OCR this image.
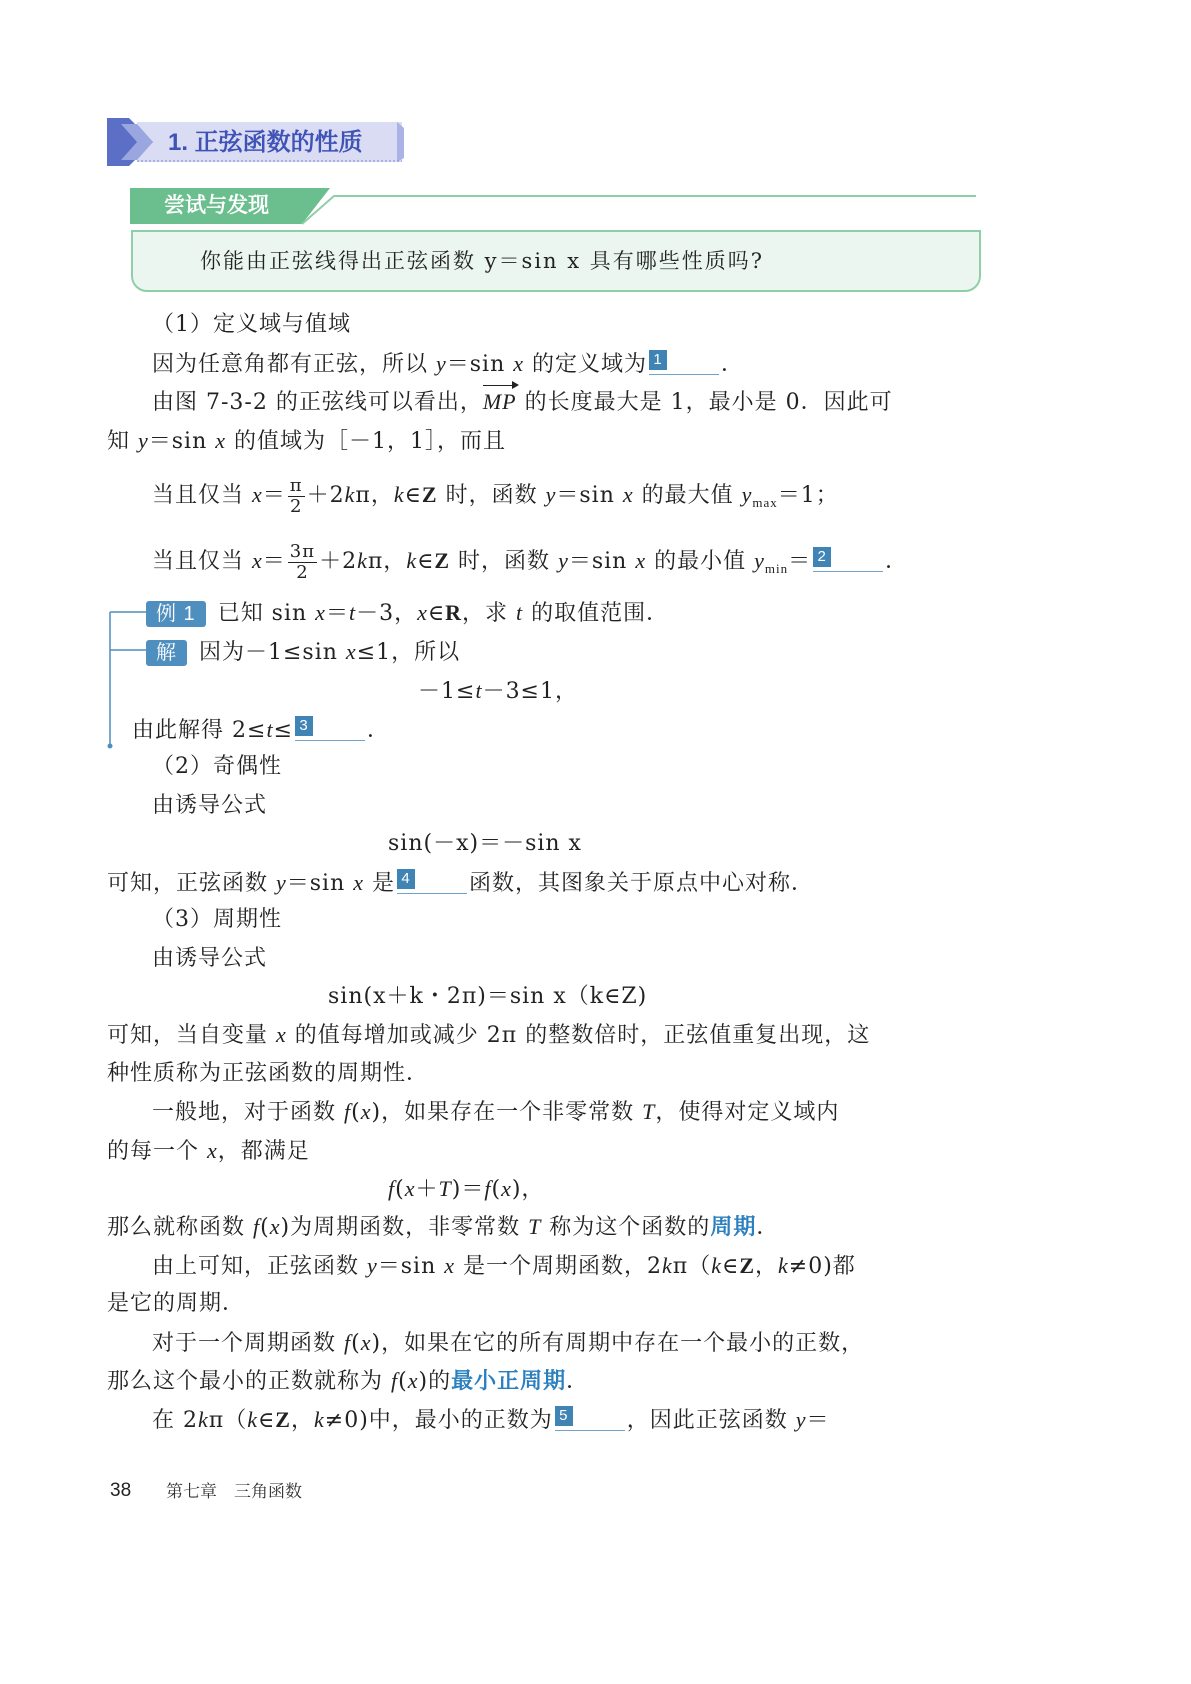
1. 正弦函数的性质
尝试与发现
你能由正弦线得出正弦函数 y＝sin x 具有哪些性质吗?
（1）定义域与值域
因为任意角都有正弦，所以 y＝sin x 的定义域为 1	．
由图 7-3-2 的正弦线可以看出，MP 的长度最大是 1，最小是 0．因此可
知 y＝sin x 的值域为［－1，1］，而且
当且仅当 $x= \frac{\pi}{2} +2k\pi$，k∈Z 时，函数 y＝sin x 的最大值 $y_{max}=1$；
当且仅当 $x= \frac{3\pi}{2} +2k\pi$，k∈Z 时，函数 y＝sin x 的最小值 $y_{min}= 2$	．
例 1 已知 sin x＝t－3，x∈R，求 t 的取值范围．
解 因为－1≤sin x≤1，所以
－1≤t－3≤1，
由此解得 2≤t≤ 3	．
（2）奇偶性
由诱导公式
sin(－x)＝－sin x
可知，正弦函数 y＝sin x 是 4	函数，其图象关于原点中心对称．
（3）周期性
由诱导公式
sin(x＋k・2π)＝sin x（k∈Z)
可知，当自变量 x 的值每增加或减少 2π 的整数倍时，正弦值重复出现，这
种性质称为正弦函数的周期性．
一般地，对于函数 f(x)，如果存在一个非零常数 T，使得对定义域内
的每一个 x，都满足
f(x＋T)＝f(x)，
那么就称函数 f(x)为周期函数，非零常数 T 称为这个函数的周期．
由上可知，正弦函数 y＝sin x 是一个周期函数，2kπ（k∈Z，k≠0)都
是它的周期．
对于一个周期函数 f(x)，如果在它的所有周期中存在一个最小的正数，
那么这个最小的正数就称为 f(x)的最小正周期．
在 2kπ（k∈Z，k≠0)中，最小的正数为 5	，因此正弦函数 y＝
38 第七章　三角函数
